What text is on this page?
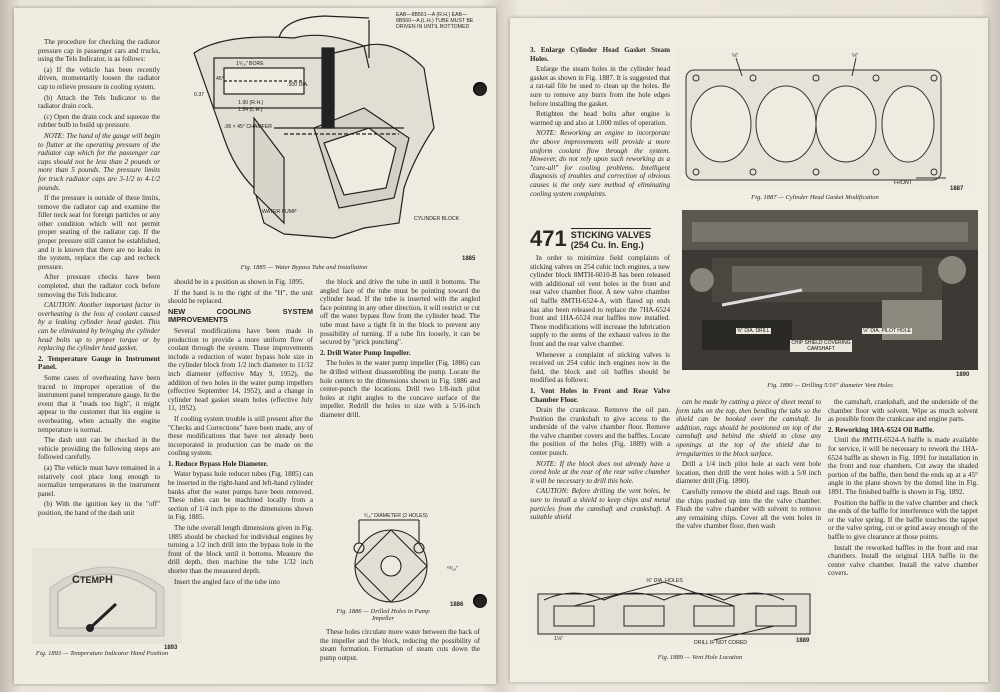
The procedure for checking the radiator pressure cap in passenger cars and trucks, using the Tels Indicator, is as follows:

(a) If the vehicle has been recently driven, momentarily loosen the radiator cap to relieve pressure in cooling system.

(b) Attach the Tels Indicator to the radiator drain cock.

(c) Open the drain cock and squeeze the rubber bulb to build up pressure.

NOTE: The hand of the gauge will begin to flutter at the operating pressure of the radiator cap which for the passenger car caps should not be less than 2 pounds or more than 5 pounds. The pressure limits for truck radiator caps are 3-1/2 to 4-1/2 pounds.

If the pressure is outside of these limits, remove the radiator cap and examine the filler neck seat for foreign particles or any other condition which will not permit proper seating of the radiator cap. If the proper pressure still cannot be established, and it is known that there are no leaks in the system, replace the cap and recheck pressure.

After pressure checks have been completed, shut the radiator cock before removing the Tels Indicator.

CAUTION: Another important factor in overheating is the loss of coolant caused by a leaking cylinder head gasket. This can be eliminated by bringing the cylinder head bolts up to proper torque or by replacing the cylinder head gasket.

2. Temperature Gauge in Instrument Panel.

Some cases of overheating have been traced to improper operation of the instrument panel temperature gauge. In the event that it "reads too high", it might appear to the customer that his engine is overheating, when actually the engine temperature is normal.

The dash unit can be checked in the vehicle providing the following steps are followed carefully.

(a) The vehicle must have remained in a relatively cool place long enough to normalize temperatures in the instrument panel.

(b) With the ignition key in the "off" position, the hand of the dash unit

CTEMPH
1893
Fig. 1893 — Temperature Indicator Hand Position
1⁵⁄₁₆" BORE
45°
.500 DIA.
1.90 (R.H.)
1.54 (L.H.)
.06 × 45° CHAMFER
0.37
WATER PUMP
CYLINDER BLOCK
EAB—8B561—A (R.H.) EAB—8B560—A (L.H.) TUBE MUST BE DRIVEN IN UNTIL BOTTOMED
1885
Fig. 1885 — Water Bypass Tube and Installation

should be in a position as shown in Fig. 1895.

If the hand is to the right of the "H", the unit should be replaced.

NEW COOLING SYSTEM IMPROVEMENTS

Several modifications have been made in production to provide a more uniform flow of coolant through the system. These improvements include a reduction of water bypass hole size in the cylinder block from 1/2 inch diameter to 11/32 inch diameter (effective May 9, 1952), the addition of two holes in the water pump impellers (effective September 14, 1952), and a change in cylinder head gasket steam holes (effective July 11, 1952).

If cooling system trouble is still present after the "Checks and Corrections" have been made, any of these modifications that have not already been incorporated in production can be made on the cooling system.

1. Reduce Bypass Hole Diameter.

Water bypass hole reducer tubes (Fig. 1885) can be inserted in the right-hand and left-hand cylinder banks after the water pumps have been removed. These tubes can be machined locally from a section of 1/4 inch pipe to the dimensions shown in Fig. 1885.

The tube overall length dimensions given in Fig. 1885 should be checked for individual engines by turning a 1/2 inch drill into the bypass hole in the front of the block until it bottoms. Measure the drill depth, then machine the tube 1/32 inch shorter than the measured depth.

Insert the angled face of the tube into

the block and drive the tube in until it bottoms. The angled face of the tube must be pointing toward the cylinder head. If the tube is inserted with the angled face pointing in any other direction, it will restrict or cut off the water bypass flow from the cylinder head. The tube must have a tight fit in the block to prevent any possibility of turning. If a tube fits loosely, it can be secured by "prick punching".

2. Drill Water Pump Impeller.

The holes in the water pump impeller (Fig. 1886) can be drilled without disassembling the pump. Locate the hole centers to the dimensions shown in Fig. 1886 and center-punch the locations. Drill two 1/8-inch pilot holes at right angles to the concave surface of the impeller. Redrill the holes to size with a 5/16-inch diameter drill.

⁵⁄₁₆" DIAMETER (2 HOLES)
⁶⁹⁄₁₆"
1886
Fig. 1886 — Drilled Holes in Pump Impeller

These holes circulate more water between the back of the impeller and the block, reducing the possibility of steam formation. Formation of steam cuts down the pump output.

3. Enlarge Cylinder Head Gasket Steam Holes.

Enlarge the steam holes in the cylinder head gasket as shown in Fig. 1887. It is suggested that a rat-tail file be used to clean up the holes. Be sure to remove any burrs from the hole edges before installing the gasket.

Retighten the head bolts after engine is warmed up and also at 1,000 miles of operation.

NOTE: Reworking an engine to incorporate the above improvements will provide a more uniform coolant flow through the system. However, do not rely upon such reworking as a "cure-all" for cooling problems. Intelligent diagnosis of troubles and correction of obvious causes is the only sure method of eliminating cooling system complaints.

471 STICKING VALVES
(254 Cu. In. Eng.)

In order to minimize field complaints of sticking valves on 254 cubic inch engines, a new cylinder block 8MTH-6010-B has been released with additional oil vent holes in the front and rear valve chamber floor. A new valve chamber oil baffle 8MTH-6524-A, with flared up ends has also been released to replace the 7HA-6524 front and 1HA-6524 rear baffles now installed. These modifications will increase the lubrication supply to the stems of the exhaust valves in the front and the rear valve chamber.

Whenever a complaint of sticking valves is received on 254 cubic inch engines now in the field, the block and oil baffles should be modified as follows:

1. Vent Holes in Front and Rear Valve Chamber Floor.

Drain the crankcase. Remove the oil pan. Position the crankshaft to give access to the underside of the valve chamber floor. Remove the valve chamber covers and the baffles. Locate the position of the holes (Fig. 1889) with a center punch.

NOTE: If the block does not already have a cored hole at the rear of the rear valve chamber it will be necessary to drill this hole.

CAUTION: Before drilling the vent holes, be sure to install a shield to keep chips and metal particles from the camshaft and crankshaft. A suitable shield

⅛"	⅛"
FRONT
1887
Fig. 1887 — Cylinder Head Gasket Modification
⅝" DIA. DRILL
CHIP SHIELD COVERING CAMSHAFT
⅛" DIA. PILOT HOLE
1890
Fig. 1890 — Drilling 5/16" diameter Vent Holes

can be made by cutting a piece of sheet metal to form tabs on the top, then bending the tabs so the shield can be hooked over the camshaft. In addition, rags should be positioned on top of the camshaft and behind the shield to close any openings at the top of the shield due to irregularities in the block surface.

Drill a 1/4 inch pilot hole at each vent hole location, then drill the vent holes with a 5/8 inch diameter drill (Fig. 1890).

Carefully remove the shield and rags. Brush out the chips pushed up into the the valve chamber. Flush the valve chamber with solvent to remove any remaining chips. Cover all the vent holes in the valve chamber floor, then wash

the camshaft, crankshaft, and the underside of the chamber floor with solvent. Wipe as much solvent as possible from the crankcase and engine parts.

2. Reworking 1HA-6524 Oil Baffle.

Until the 8MTH-6524-A baffle is made available for service, it will be necessary to rework the 1HA-6524 baffle as shown in Fig. 1891 for installation in the front and rear chambers. Cut away the shaded portion of the baffle, then bend the ends up at a 45° angle in the plane shown by the dotted line in Fig. 1891. The finished baffle is shown in Fig. 1892.

Position the baffle in the valve chamber and check the ends of the baffle for interference with the tappet or the valve spring. If the baffle touches the tappet or the valve spring, cut or grind away enough of the baffle to give clearance at those points.

Install the reworked baffles in the front and rear chambers. Install the original 1HA baffle in the center valve chamber. Install the valve chamber covers.

⅝" DIA. HOLES
DRILL IF NOT CORED
1⅛"	1889
Fig. 1889 — Vent Hole Location
